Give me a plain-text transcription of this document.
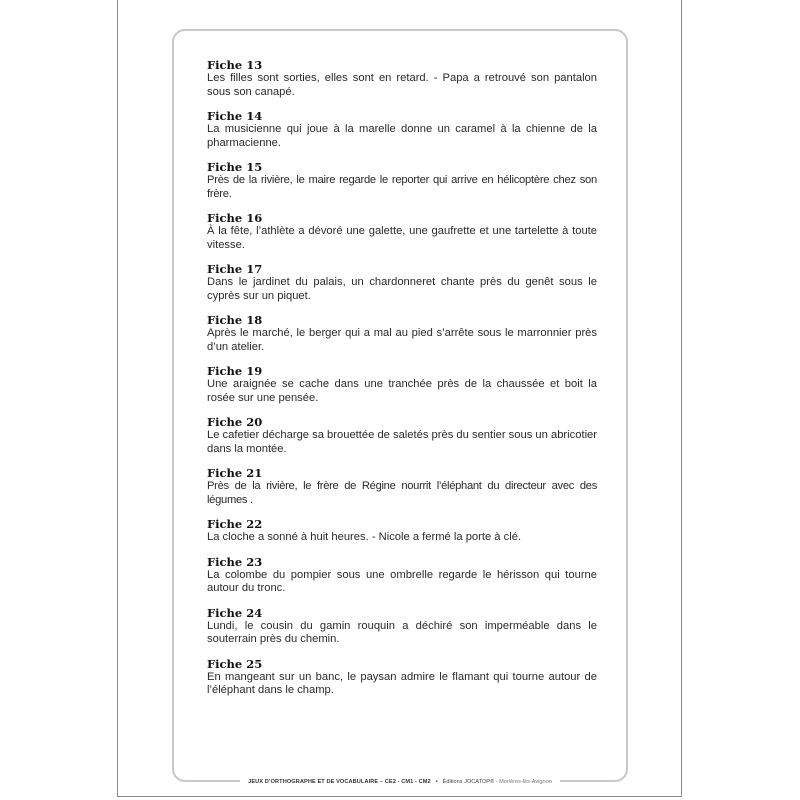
Fiche 13
Les filles sont sorties, elles sont en retard. - Papa a retrouvé son pantalon sous son canapé.
Fiche 14
La musicienne qui joue à la marelle donne un caramel à la chienne de la pharmacienne.
Fiche 15
Près de la rivière, le maire regarde le reporter qui arrive en hélicoptère chez son frère.
Fiche 16
À la fête, l’athlète a dévoré une galette, une gaufrette et une tartelette à toute vitesse.
Fiche 17
Dans le jardinet du palais, un chardonneret chante près du genêt sous le cyprès sur un piquet.
Fiche 18
Après le marché, le berger qui a mal au pied s’arrête sous le marronnier près d’un atelier.
Fiche 19
Une araignée se cache dans une tranchée près de la chaussée et boit la rosée sur une pensée.
Fiche 20
Le cafetier décharge sa brouettée de saletés près du sentier sous un abricotier dans la montée.
Fiche 21
Près de la rivière, le frère de Régine nourrit l’éléphant du directeur avec des légumes .
Fiche 22
La cloche a sonné à huit heures. - Nicole a fermé la porte à clé.
Fiche 23
La colombe du pompier sous une ombrelle regarde le hérisson qui tourne autour du tronc.
Fiche 24
Lundi, le cousin du gamin rouquin a déchiré son imperméable dans le souterrain près du chemin.
Fiche 25
En mangeant sur un banc, le paysan admire le flamant qui tourne autour de l’éléphant dans le champ.
JEUX D’ORTHOGRAPHE ET DE VOCABULAIRE – CE2 - CM1 - CM2 • Éditions JOCATOP® - Morières-lès-Avignon
